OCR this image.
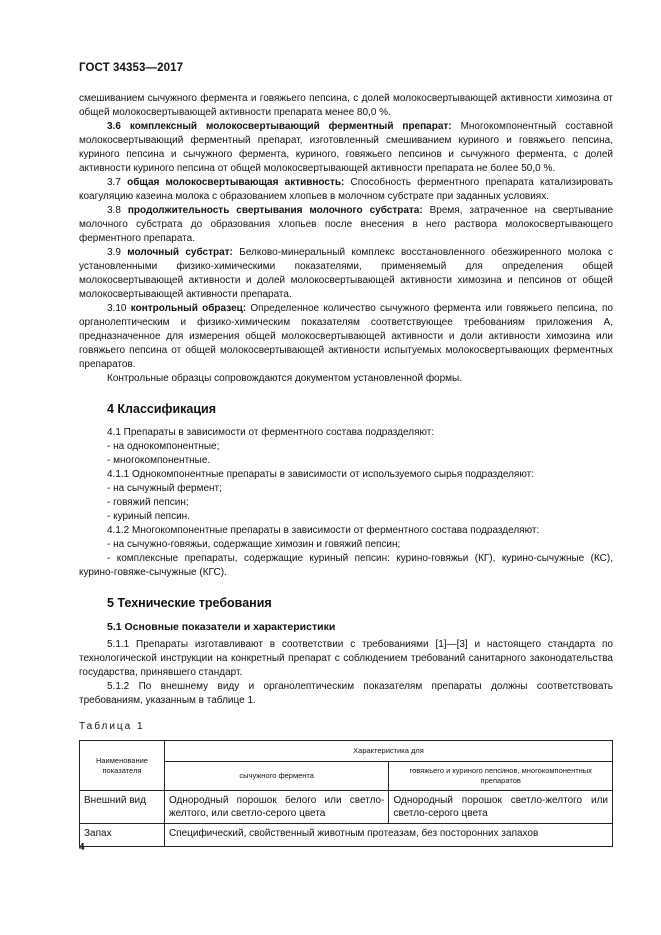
ГОСТ 34353—2017

смешиванием сычужного фермента и говяжьего пепсина, с долей молокосвертывающей активности химозина от общей молокосвертывающей активности препарата менее 80,0 %.

3.6 комплексный молокосвертывающий ферментный препарат: Многокомпонентный составной молокосвертывающий ферментный препарат, изготовленный смешиванием куриного и говяжьего пепсина, куриного пепсина и сычужного фермента, куриного, говяжьего пепсинов и сычужного фермента, с долей активности куриного пепсина от общей молокосвертывающей активности препарата не более 50,0 %.

3.7 общая молокосвертывающая активность: Способность ферментного препарата катализировать коагуляцию казеина молока с образованием хлопьев в молочном субстрате при заданных условиях.

3.8 продолжительность свертывания молочного субстрата: Время, затраченное на свертывание молочного субстрата до образования хлопьев после внесения в него раствора молокосвертывающего ферментного препарата.

3.9 молочный субстрат: Белково-минеральный комплекс восстановленного обезжиренного молока с установленными физико-химическими показателями, применяемый для определения общей молокосвертывающей активности и долей молокосвертывающей активности химозина и пепсинов от общей молокосвертывающей активности препарата.

3.10 контрольный образец: Определенное количество сычужного фермента или говяжьего пепсина, по органолептическим и физико-химическим показателям соответствующее требованиям приложения А, предназначенное для измерения общей молокосвертывающей активности и доли активности химозина или говяжьего пепсина от общей молокосвертывающей активности испытуемых молокосвертывающих ферментных препаратов.

Контрольные образцы сопровождаются документом установленной формы.

4 Классификация

4.1 Препараты в зависимости от ферментного состава подразделяют:

- на однокомпонентные;

- многокомпонентные.

4.1.1 Однокомпонентные препараты в зависимости от используемого сырья подразделяют:

- на сычужный фермент;

- говяжий пепсин;

- куриный пепсин.

4.1.2 Многокомпонентные препараты в зависимости от ферментного состава подразделяют:

- на сычужно-говяжьи, содержащие химозин и говяжий пепсин;

- комплексные препараты, содержащие куриный пепсин: курино-говяжьи (КГ), курино-сычужные (КС), курино-говяже-сычужные (КГС).

5 Технические требования
5.1 Основные показатели и характеристики

5.1.1 Препараты изготавливают в соответствии с требованиями [1]—[3] и настоящего стандарта по технологической инструкции на конкретный препарат с соблюдением требований санитарного законодательства государства, принявшего стандарт.

5.1.2 По внешнему виду и органолептическим показателям препараты должны соответствовать требованиям, указанным в таблице 1.

Таблица 1
Наименование показателя	Характеристика для	
	сычужного фермента	говяжьего и куриного пепсинов, многокомпонентных препаратов
Внешний вид	Однородный порошок белого или светло-желтого, или светло-серого цвета	Однородный порошок светло-желтого или светло-серого цвета
Запах	Специфический, свойственный животным протеазам, без посторонних запахов	
4
